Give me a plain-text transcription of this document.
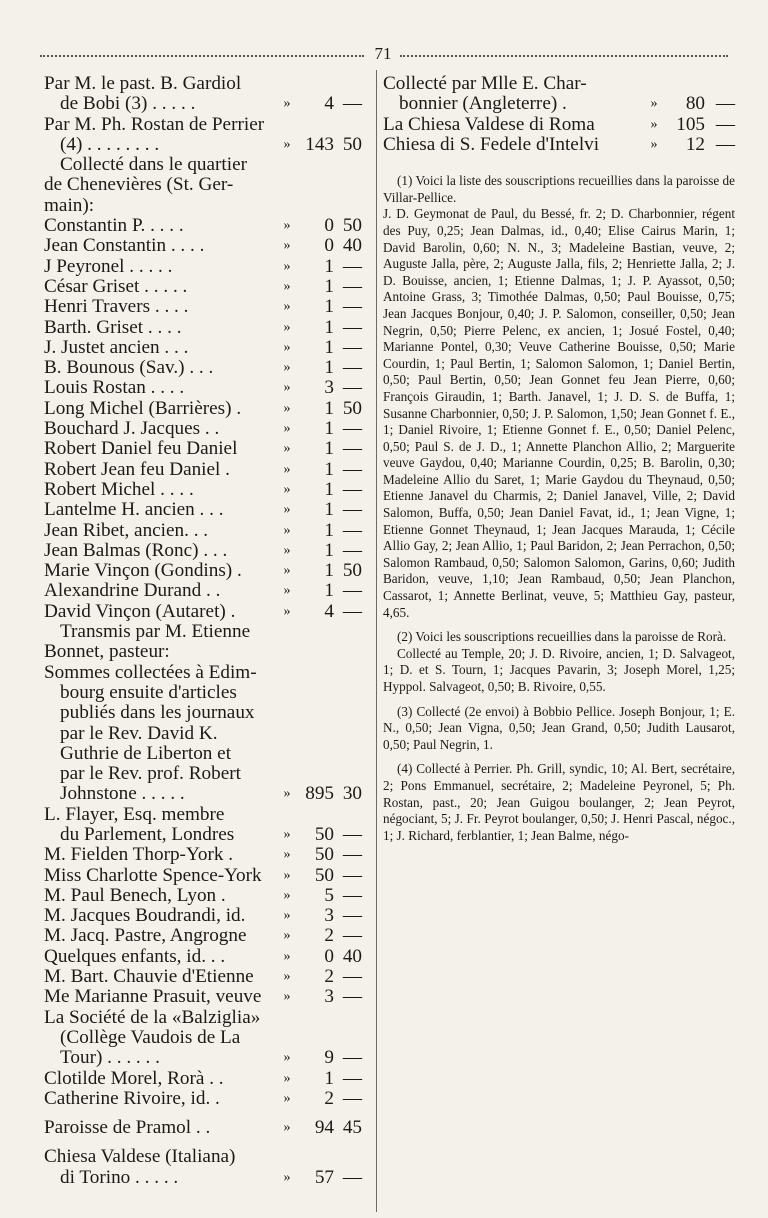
71
Par M. le past. B. Gardiol
de Bobi (3) . . . . .	»	4 —
Par M. Ph. Rostan de Perrier
(4) . . . . . . . .	» 143 50
Collecté dans le quartier
de Chenevières (St. Ger-
main):
Constantin P. . . . .	»	0 50
Jean Constantin . . . .	»	0 40
J Peyronel . . . . .	»	1 —
César Griset . . . . .	»	1 —
Henri Travers . . . .	»	1 —
Barth. Griset . . . .	»	1 —
J. Justet ancien . . .	»	1 —
B. Bounous (Sav.) . . .	»	1 —
Louis Rostan . . . .	»	3 —
Long Michel (Barrières) .	»	1 50
Bouchard J. Jacques . .	»	1 —
Robert Daniel feu Daniel	»	1 —
Robert Jean feu Daniel .	»	1 —
Robert Michel . . . .	»	1 —
Lantelme H. ancien . . .	»	1 —
Jean Ribet, ancien. . .	»	1 —
Jean Balmas (Ronc) . . .	»	1 —
Marie Vinçon (Gondins) .	»	1 50
Alexandrine Durand . .	»	1 —
David Vinçon (Autaret) .	»	4 —
Transmis par M. Etienne
Bonnet, pasteur:
Sommes collectées à Edim-
bourg ensuite d'articles
publiés dans les journaux
par le Rev. David K.
Guthrie de Liberton et
par le Rev. prof. Robert
Johnstone . . . . .	» 895 30
L. Flayer, Esq. membre
du Parlement, Londres	»	50 —
M. Fielden Thorp-York .	»	50 —
Miss Charlotte Spence-York	»	50 —
M. Paul Benech, Lyon .	»	5 —
M. Jacques Boudrandi, id.	»	3 —
M. Jacq. Pastre, Angrogne	»	2 —
Quelques enfants, id. . .	»	0 40
M. Bart. Chauvie d'Etienne	»	2 —
Me Marianne Prasuit, veuve	»	3 —
La Société de la «Balziglia»
(Collège Vaudois de La
Tour) . . . . . .	»	9 —
Clotilde Morel, Rorà . .	»	1 —
Catherine Rivoire, id. .	»	2 —
Paroisse de Pramol . .	»	94 45
Chiesa Valdese (Italiana)
di Torino . . . . .	»	57 —
Collecté par Mlle E. Char-
bonnier (Angleterre) .	»	80 —
La Chiesa Valdese di Roma	» 105 —
Chiesa di S. Fedele d'Intelvi	»	12 —

(1) Voici la liste des souscriptions recueillies dans la paroisse de Villar-Pellice.

J. D. Geymonat de Paul, du Bessé, fr. 2; D. Charbonnier, régent des Puy, 0,25; Jean Dalmas, id., 0,40; Elise Cairus Marin, 1; David Barolin, 0,60; N. N., 3; Madeleine Bastian, veuve, 2; Auguste Jalla, père, 2; Auguste Jalla, fils, 2; Henriette Jalla, 2; J. D. Bouisse, ancien, 1; Etienne Dalmas, 1; J. P. Ayassot, 0,50; Antoine Grass, 3; Timothée Dalmas, 0,50; Paul Bouisse, 0,75; Jean Jacques Bonjour, 0,40; J. P. Salomon, conseiller, 0,50; Jean Negrin, 0,50; Pierre Pelenc, ex ancien, 1; Josué Fostel, 0,40; Marianne Pontel, 0,30; Veuve Catherine Bouisse, 0,50; Marie Courdin, 1; Paul Bertin, 1; Salomon Salomon, 1; Daniel Bertin, 0,50; Paul Bertin, 0,50; Jean Gonnet feu Jean Pierre, 0,60; François Giraudin, 1; Barth. Janavel, 1; J. D. S. de Buffa, 1; Susanne Charbonnier, 0,50; J. P. Salomon, 1,50; Jean Gonnet f. E., 1; Daniel Rivoire, 1; Etienne Gonnet f. E., 0,50; Daniel Pelenc, 0,50; Paul S. de J. D., 1; Annette Planchon Allio, 2; Marguerite veuve Gaydou, 0,40; Marianne Courdin, 0,25; B. Barolin, 0,30; Madeleine Allio du Saret, 1; Marie Gaydou du Theynaud, 0,50; Etienne Janavel du Charmis, 2; Daniel Janavel, Ville, 2; David Salomon, Buffa, 0,50; Jean Daniel Favat, id., 1; Jean Vigne, 1; Etienne Gonnet Theynaud, 1; Jean Jacques Marauda, 1; Cécile Allio Gay, 2; Jean Allio, 1; Paul Baridon, 2; Jean Perrachon, 0,50; Salomon Rambaud, 0,50; Salomon Salomon, Garins, 0,60; Judith Baridon, veuve, 1,10; Jean Rambaud, 0,50; Jean Planchon, Cassarot, 1; Annette Berlinat, veuve, 5; Matthieu Gay, pasteur, 4,65.

(2) Voici les souscriptions recueillies dans la paroisse de Rorà.

Collecté au Temple, 20; J. D. Rivoire, ancien, 1; D. Salvageot, 1; D. et S. Tourn, 1; Jacques Pavarin, 3; Joseph Morel, 1,25; Hyppol. Salvageot, 0,50; B. Rivoire, 0,55.

(3) Collecté (2e envoi) à Bobbio Pellice. Joseph Bonjour, 1; E. N., 0,50; Jean Vigna, 0,50; Jean Grand, 0,50; Judith Lausarot, 0,50; Paul Negrin, 1.

(4) Collecté à Perrier. Ph. Grill, syndic, 10; Al. Bert, secrétaire, 2; Pons Emmanuel, secrétaire, 2; Madeleine Peyronel, 5; Ph. Rostan, past., 20; Jean Guigou boulanger, 2; Jean Peyrot, négociant, 5; J. Fr. Peyrot boulanger, 0,50; J. Henri Pascal, négoc., 1; J. Richard, ferblantier, 1; Jean Balme, négo-
